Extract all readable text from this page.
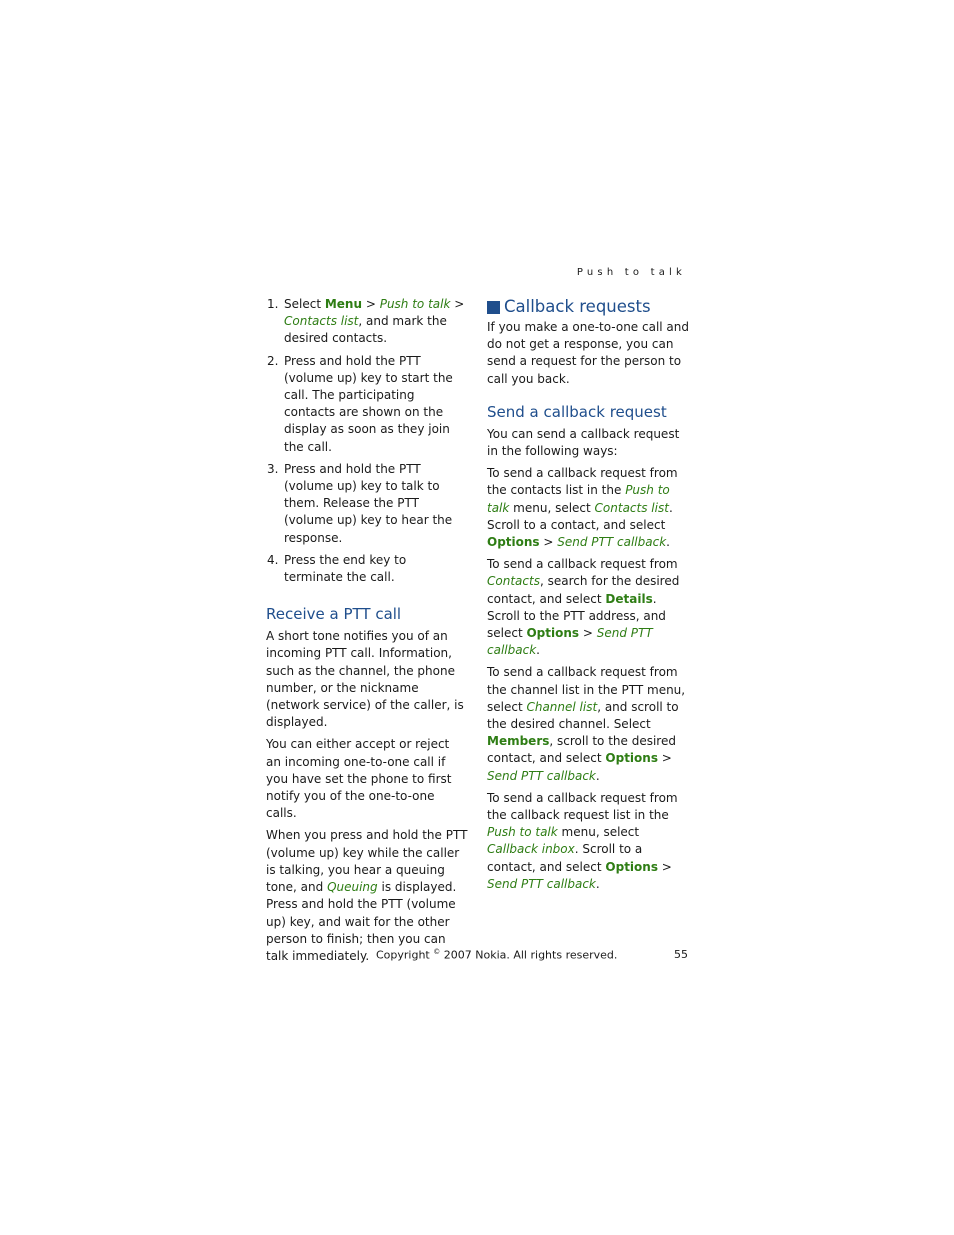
Push to talk
1. Select Menu > Push to talk > Contacts list, and mark the desired contacts.
2. Press and hold the PTT (volume up) key to start the call. The participating contacts are shown on the display as soon as they join the call.
3. Press and hold the PTT (volume up) key to talk to them. Release the PTT (volume up) key to hear the response.
4. Press the end key to terminate the call.
Receive a PTT call

A short tone notifies you of an incoming PTT call. Information, such as the channel, the phone number, or the nickname (network service) of the caller, is displayed.

You can either accept or reject an incoming one-to-one call if you have set the phone to first notify you of the one-to-one calls.

When you press and hold the PTT (volume up) key while the caller is talking, you hear a queuing tone, and Queuing is displayed. Press and hold the PTT (volume up) key, and wait for the other person to finish; then you can talk immediately.

Callback requests

If you make a one-to-one call and do not get a response, you can send a request for the person to call you back.

Send a callback request

You can send a callback request in the following ways:

To send a callback request from the contacts list in the Push to talk menu, select Contacts list. Scroll to a contact, and select Options > Send PTT callback.

To send a callback request from Contacts, search for the desired contact, and select Details. Scroll to the PTT address, and select Options > Send PTT callback.

To send a callback request from the channel list in the PTT menu, select Channel list, and scroll to the desired channel. Select Members, scroll to the desired contact, and select Options > Send PTT callback.

To send a callback request from the callback request list in the Push to talk menu, select Callback inbox. Scroll to a contact, and select Options > Send PTT callback.

Copyright © 2007 Nokia. All rights reserved.	55
